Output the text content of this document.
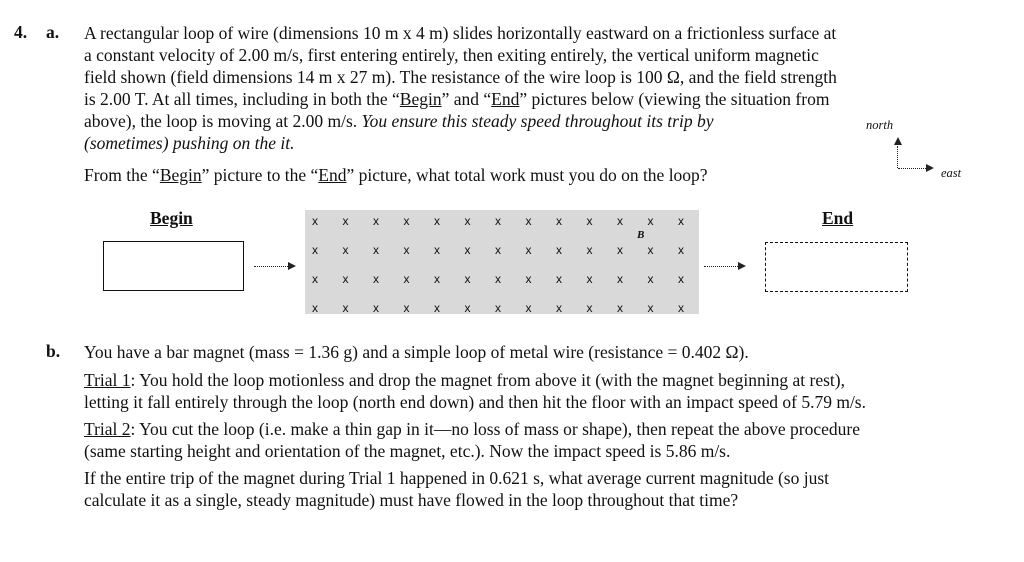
4. a. A rectangular loop of wire (dimensions 10 m x 4 m) slides horizontally eastward on a frictionless surface at
a constant velocity of 2.00 m/s, first entering entirely, then exiting entirely, the vertical uniform magnetic
field shown (field dimensions 14 m x 27 m). The resistance of the wire loop is 100 Ω, and the field strength
is 2.00 T. At all times, including in both the “Begin” and “End” pictures below (viewing the situation from
above), the loop is moving at 2.00 m/s. You ensure this steady speed throughout its trip by
(sometimes) pushing on the it.
From the “Begin” picture to the “End” picture, what total work must you do on the loop?
north
east
Begin	x x x x x x x x x x x x x
x x x x x x x x x x x x x
x x x x x x x x x x x x x
x x x x x x x x x x x x x
B
End
b. You have a bar magnet (mass = 1.36 g) and a simple loop of metal wire (resistance = 0.402 Ω).
Trial 1: You hold the loop motionless and drop the magnet from above it (with the magnet beginning at rest),
letting it fall entirely through the loop (north end down) and then hit the floor with an impact speed of 5.79 m/s.
Trial 2: You cut the loop (i.e. make a thin gap in it—no loss of mass or shape), then repeat the above procedure
(same starting height and orientation of the magnet, etc.). Now the impact speed is 5.86 m/s.
If the entire trip of the magnet during Trial 1 happened in 0.621 s, what average current magnitude (so just
calculate it as a single, steady magnitude) must have flowed in the loop throughout that time?
